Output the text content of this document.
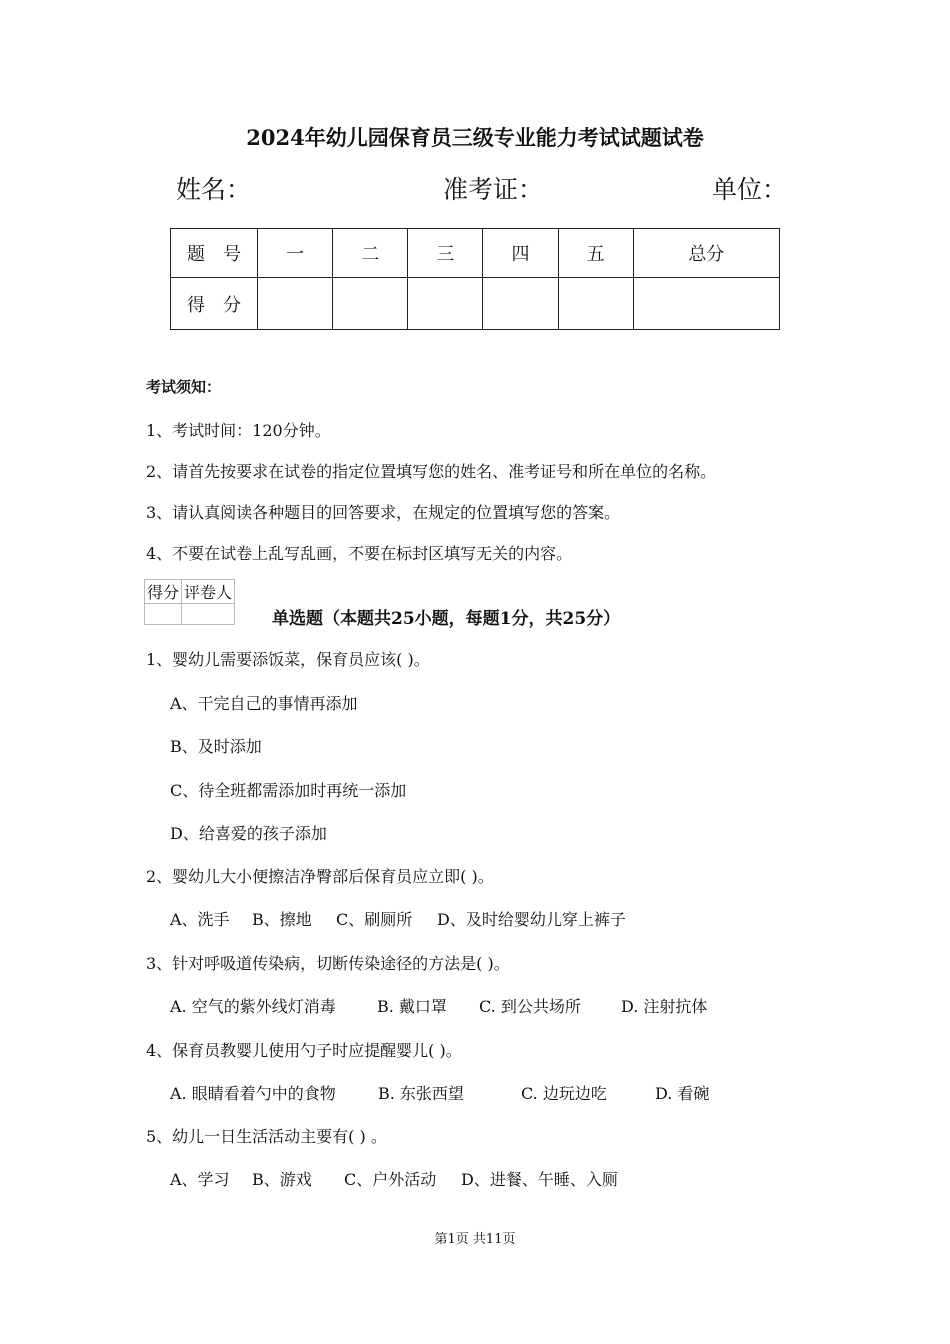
2024年幼儿园保育员三级专业能力考试试题试卷
姓名：	准考证：	单位：
题　号	一	二	三	四	五	总分
得　分						
考试须知：
1、考试时间：120分钟。
2、请首先按要求在试卷的指定位置填写您的姓名、准考证号和所在单位的名称。
3、请认真阅读各种题目的回答要求，在规定的位置填写您的答案。
4、不要在试卷上乱写乱画，不要在标封区填写无关的内容。
得分	评卷人

单选题（本题共25小题，每题1分，共25分）
1、婴幼儿需要添饭菜，保育员应该( )。
A、干完自己的事情再添加
B、及时添加
C、待全班都需添加时再统一添加
D、给喜爱的孩子添加
2、婴幼儿大小便擦洁净臀部后保育员应立即( )。
A、洗手 B、擦地 C、刷厕所 D、及时给婴幼儿穿上裤子
3、针对呼吸道传染病，切断传染途径的方法是( )。
A. 空气的紫外线灯消毒	B. 戴口罩 C. 到公共场所	D. 注射抗体
4、保育员教婴儿使用勺子时应提醒婴儿( )。
A. 眼睛看着勺中的食物	B. 东张西望	C. 边玩边吃	D. 看碗
5、幼儿一日生活活动主要有( ) 。
A、学习 B、游戏 C、户外活动 D、进餐、午睡、入厕
第1页 共11页
